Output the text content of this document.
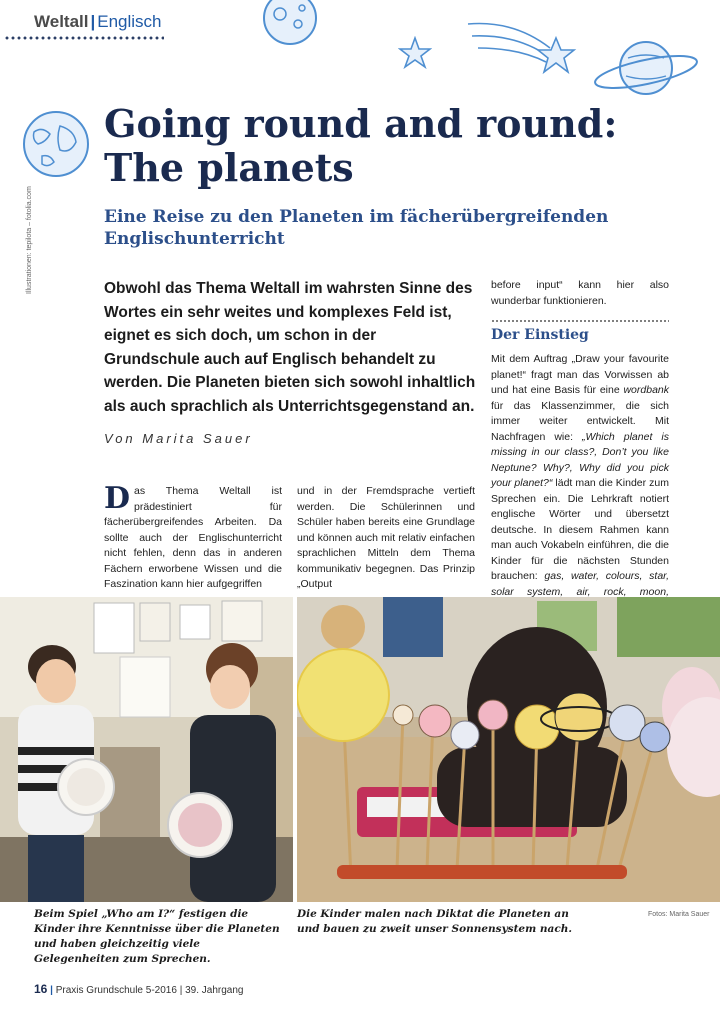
Weltall | Englisch
Illustrationen: tepilota – fotolia.com
Going round and round:
The planets
Eine Reise zu den Planeten im fächerübergreifenden
Englischunterricht
Obwohl das Thema Weltall im wahrsten Sinne des Wortes ein sehr weites und komplexes Feld ist, eignet es sich doch, um schon in der Grundschule auch auf Englisch behandelt zu werden. Die Planeten bieten sich sowohl inhaltlich als auch sprachlich als Unterrichtsgegenstand an.
Von Marita Sauer
Das Thema Weltall ist prädestiniert für fächerübergreifendes Arbeiten. Da sollte auch der Englischunterricht nicht fehlen, denn das in anderen Fächern erworbene Wissen und die Faszination kann hier aufgegriffen
und in der Fremdsprache vertieft werden. Die Schülerinnen und Schüler haben bereits eine Grundlage und können auch mit relativ einfachen sprachlichen Mitteln dem Thema kommunikativ begegnen. Das Prinzip „Output
before input“ kann hier also wunderbar funktionieren.
Der Einstieg
Mit dem Auftrag „Draw your favourite planet!“ fragt man das Vorwissen ab und hat eine Basis für eine wordbank für das Klassenzimmer, die sich immer weiter entwickelt. Mit Nachfragen wie: „Which planet is missing in our class?, Don’t you like Neptune? Why?, Why did you pick your planet?“ lädt man die Kinder zum Sprechen ein. Die Lehrkraft notiert englische Wörter und übersetzt deutsche. In diesem Rahmen kann man auch Vokabeln einführen, die die Kinder für die nächsten Stunden brauchen: gas, water, colours, star, solar system, air, rock, moon,
Beim Spiel „Who am I?“ festigen die Kinder ihre Kenntnisse über die Planeten und haben gleichzeitig viele Gelegenheiten zum Sprechen.
Die Kinder malen nach Diktat die Planeten an und bauen zu zweit unser Sonnensystem nach.
Fotos: Marita Sauer
16 | Praxis Grundschule 5-2016 | 39. Jahrgang
